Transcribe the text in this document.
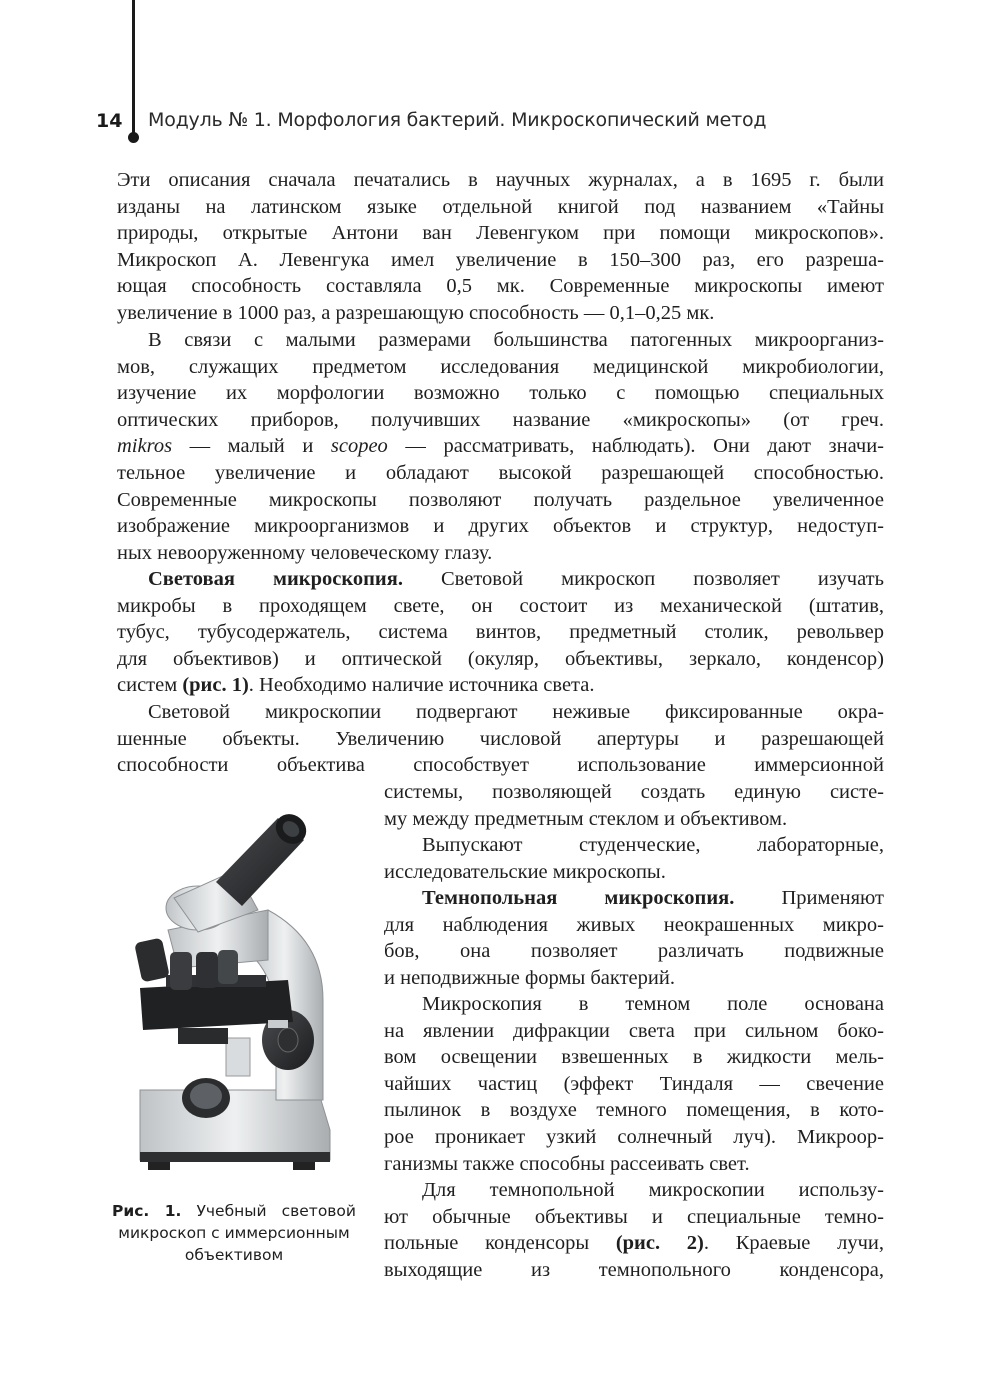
14 Модуль № 1. Морфология бактерий. Микроскопический метод
Эти описания сначала печатались в научных журналах, а в 1695 г. были
изданы на латинском языке отдельной книгой под названием «Тайны
природы, открытые Антони ван Левенгуком при помощи микроскопов».
Микроскоп А. Левенгука имел увеличение в 150–300 раз, его разреша-
ющая способность составляла 0,5 мк. Современные микроскопы имеют
увеличение в 1000 раз, а разрешающую способность — 0,1–0,25 мк.
В связи с малыми размерами большинства патогенных микроорганиз-
мов, служащих предметом исследования медицинской микробиологии,
изучение их морфологии возможно только с помощью специальных
оптических приборов, получивших название «микроскопы» (от греч.
mikros — малый и scopeo — рассматривать, наблюдать). Они дают значи-
тельное увеличение и обладают высокой разрешающей способностью.
Современные микроскопы позволяют получать раздельное увеличенное
изображение микроорганизмов и других объектов и структур, недоступ-
ных невооруженному человеческому глазу.
Световая микроскопия. Световой микроскоп позволяет изучать
микробы в проходящем свете, он состоит из механической (штатив,
тубус, тубусодержатель, система винтов, предметный столик, револьвер
для объективов) и оптической (окуляр, объективы, зеркало, конденсор)
систем (рис. 1). Необходимо наличие источника света.
Световой микроскопии подвергают неживые фиксированные окра-
шенные объекты. Увеличению числовой апертуры и разрешающей
способности объектива способствует использование иммерсионной
системы, позволяющей создать единую систе-
му между предметным стеклом и объективом.
Выпускают студенческие, лабораторные,
исследовательские микроскопы.
Темнопольная микроскопия. Применяют
для наблюдения живых неокрашенных микро-
бов, она позволяет различать подвижные
и неподвижные формы бактерий.
Микроскопия в темном поле основана
на явлении дифракции света при сильном боко-
вом освещении взвешенных в жидкости мель-
чайших частиц (эффект Тиндаля — свечение
пылинок в воздухе темного помещения, в кото-
рое проникает узкий солнечный луч). Микроор-
ганизмы также способны рассеивать свет.
Для темнопольной микроскопии использу-
ют обычные объективы и специальные темно-
польные конденсоры (рис. 2). Краевые лучи,
выходящие из темнопольного конденсора,
Рис. 1. Учебный световой
микроскоп с иммерсионным
объективом
